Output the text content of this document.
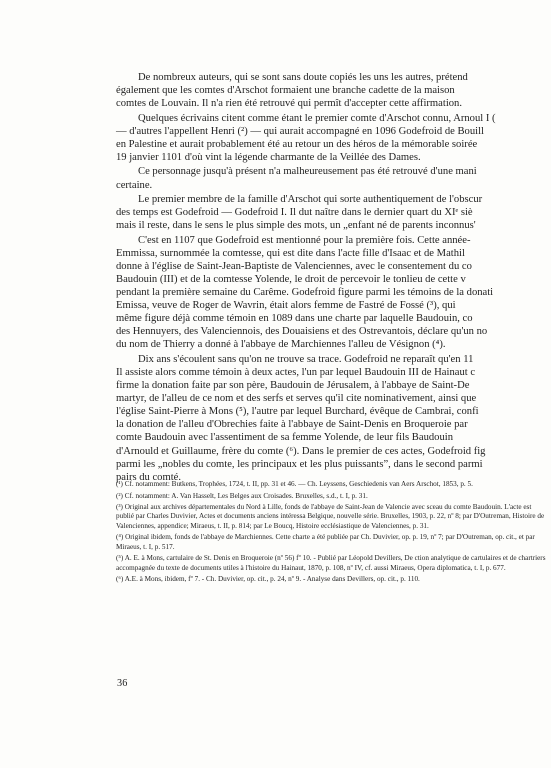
De nombreux auteurs, qui se sont sans doute copiés les uns les autres, prétend
également que les comtes d'Arschot formaient une branche cadette de la maison
comtes de Louvain. Il n'a rien été retrouvé qui permît d'accepter cette affirmation.

Quelques écrivains citent comme étant le premier comte d'Arschot connu, Arnoul I (
— d'autres l'appellent Henri (²) — qui aurait accompagné en 1096 Godefroid de Bouill
en Palestine et aurait probablement été au retour un des héros de la mémorable soirée
19 janvier 1101 d'où vint la légende charmante de la Veillée des Dames.

Ce personnage jusqu'à présent n'a malheureusement pas été retrouvé d'une mani
certaine.

Le premier membre de la famille d'Arschot qui sorte authentiquement de l'obscur
des temps est Godefroid — Godefroid I. Il dut naître dans le dernier quart du XIᵉ siè
mais il reste, dans le sens le plus simple des mots, un „enfant né de parents inconnus'

C'est en 1107 que Godefroid est mentionné pour la première fois. Cette année-
Emmissa, surnommée la comtesse, qui est dite dans l'acte fille d'Isaac et de Mathil
donne à l'église de Saint-Jean-Baptiste de Valenciennes, avec le consentement du co
Baudouin (III) et de la comtesse Yolende, le droit de percevoir le tonlieu de cette v
pendant la première semaine du Carême. Godefroid figure parmi les témoins de la donati
Emissa, veuve de Roger de Wavrin, était alors femme de Fastré de Fossé (³), qui
même figure déjà comme témoin en 1089 dans une charte par laquelle Baudouin, co
des Hennuyers, des Valenciennois, des Douaisiens et des Ostrevantois, déclare qu'un no
du nom de Thierry a donné à l'abbaye de Marchiennes l'alleu de Vésignon (⁴).

Dix ans s'écoulent sans qu'on ne trouve sa trace. Godefroid ne reparaît qu'en 11
Il assiste alors comme témoin à deux actes, l'un par lequel Baudouin III de Hainaut c
firme la donation faite par son père, Baudouin de Jérusalem, à l'abbaye de Saint-De
martyr, de l'alleu de ce nom et des serfs et serves qu'il cite nominativement, ainsi que
l'église Saint-Pierre à Mons (⁵), l'autre par lequel Burchard, évêque de Cambrai, confi
la donation de l'alleu d'Obrechies faite à l'abbaye de Saint-Denis en Broqueroie par
comte Baudouin avec l'assentiment de sa femme Yolende, de leur fils Baudouin
d'Arnould et Guillaume, frère du comte (⁶). Dans le premier de ces actes, Godefroid fig
parmi les „nobles du comte, les principaux et les plus puissants”, dans le second parmi
pairs du comté.

(¹) Cf. notamment: Butkens, Trophées, 1724, t. II, pp. 31 et 46. — Ch. Leyssens, Geschiedenis van Aers Arschot, 1853, p. 5.

(²) Cf. notamment: A. Van Hasselt, Les Belges aux Croisades. Bruxelles, s.d., t. I, p. 31.

(³) Original aux archives départementales du Nord à Lille, fonds de l'abbaye de Saint-Jean de Valencie avec sceau du comte Baudouin. L'acte est publié par Charles Duvivier, Actes et documents anciens intéressa Belgique, nouvelle série. Bruxelles, 1903, p. 22, nº 8; par D'Outreman, Histoire de Valenciennes, appendice; Miraeus, t. II, p. 814; par Le Boucq, Histoire ecclésiastique de Valenciennes, p. 31.

(⁴) Original ibidem, fonds de l'abbaye de Marchiennes. Cette charte a été publiée par Ch. Duvivier, op. p. 19, nº 7; par D'Outreman, op. cit., et par Miraeus, t. I, p. 517.

(⁵) A. E. à Mons, cartulaire de St. Denis en Broqueroie (nº 56) fº 10. - Publié par Léopold Devillers, De ction analytique de cartulaires et de chartriers accompagnée du texte de documents utiles à l'histoire du Hainaut, 1870, p. 108, nº IV, cf. aussi Miraeus, Opera diplomatica, t. I, p. 677.

(⁶) A.E. à Mons, ibidem, fº 7. - Ch. Duvivier, op. cit., p. 24, nº 9. - Analyse dans Devillers, op. cit., p. 110.

36
